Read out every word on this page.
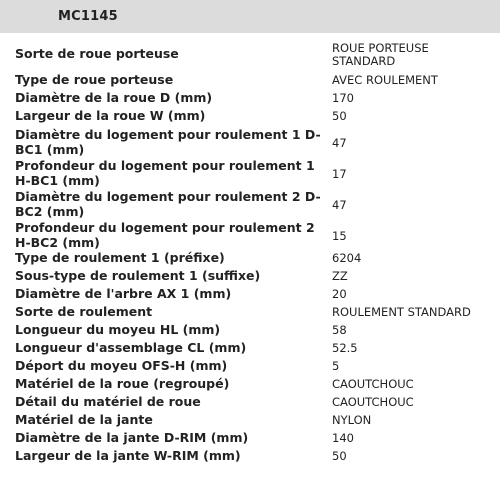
MC1145
Sorte de roue porteuse	ROUE PORTEUSE STANDARD
Type de roue porteuse	AVEC ROULEMENT
Diamètre de la roue D (mm)	170
Largeur de la roue W (mm)	50
Diamètre du logement pour roulement 1 D-BC1 (mm)	47
Profondeur du logement pour roulement 1 H-BC1 (mm)	17
Diamètre du logement pour roulement 2 D-BC2 (mm)	47
Profondeur du logement pour roulement 2 H-BC2 (mm)	15
Type de roulement 1 (préfixe)	6204
Sous-type de roulement 1 (suffixe)	ZZ
Diamètre de l'arbre AX 1 (mm)	20
Sorte de roulement	ROULEMENT STANDARD
Longueur du moyeu HL (mm)	58
Longueur d'assemblage CL (mm)	52.5
Déport du moyeu OFS-H (mm)	5
Matériel de la roue (regroupé)	CAOUTCHOUC
Détail du matériel de roue	CAOUTCHOUC
Matériel de la jante	NYLON
Diamètre de la jante D-RIM (mm)	140
Largeur de la jante W-RIM (mm)	50
